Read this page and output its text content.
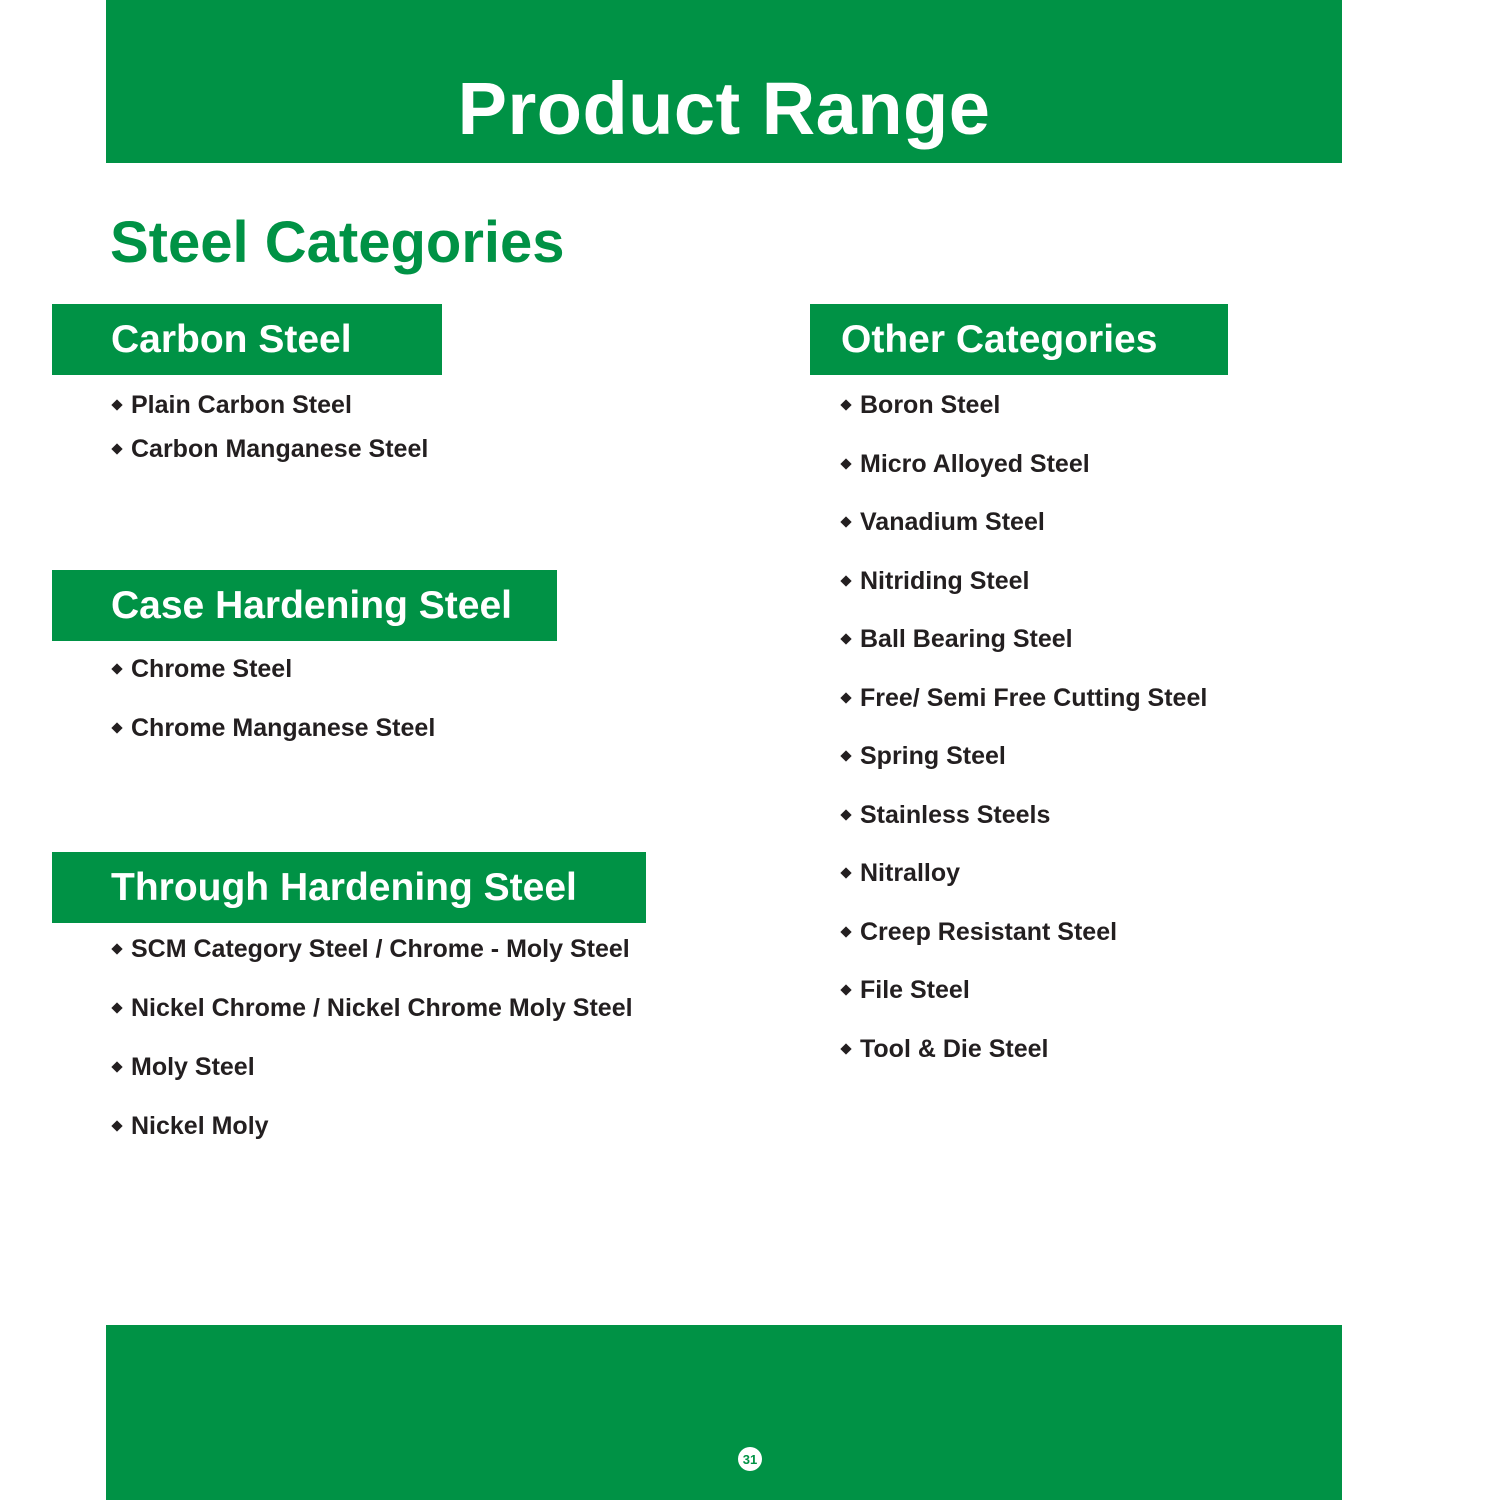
Product Range
Steel Categories
Carbon Steel
Plain Carbon Steel
Carbon Manganese Steel
Case Hardening Steel
Chrome Steel
Chrome Manganese Steel
Through Hardening Steel
SCM Category Steel / Chrome - Moly Steel
Nickel Chrome / Nickel Chrome Moly Steel
Moly Steel
Nickel Moly
Other Categories
Boron Steel
Micro Alloyed Steel
Vanadium Steel
Nitriding Steel
Ball Bearing Steel
Free/ Semi Free Cutting Steel
Spring Steel
Stainless Steels
Nitralloy
Creep Resistant Steel
File Steel
Tool & Die Steel
31
